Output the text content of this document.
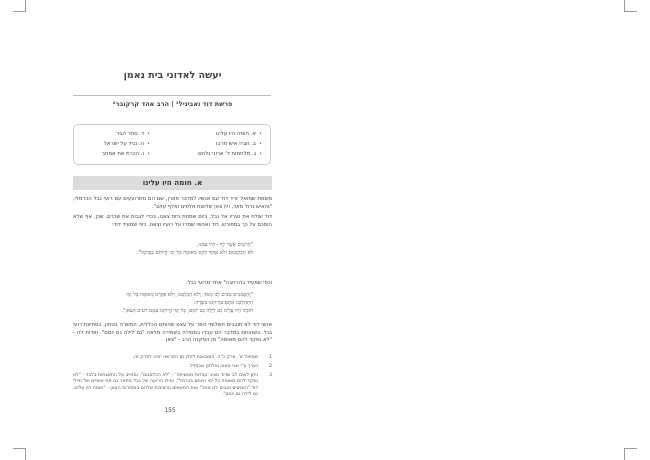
יעשה לאדוני בית נאמן
פרשת דוד ואביגיל¹ | הרב אהד קרקובר²
•
א. חומה היו עלינו
•
ב. חגרו איש חרבו
•
ג. מלחמות ד' ארוני נלחם
•
ד. סתר הבר
•
ה. נגיד על ישראל
•
ו. הכרת את אמתך
א. חומה היו עלינו
משמת שמואל יורד דוד עם אנשיו למדבר פארן, שם הם מתרועעים עם רועי נבל הכרמלי, "והאיש גדול מאד, ולו צאן שלושת אלפים ואלף עזים".
דוד שולח את נעריו אל נבל, ביום שמחת גיזת צאנו, בכדי לגבות את שכרם, שכן, אף שלא הוסכם על כך במפורש, דוד ואנשיו שמרו על רועיו וצאנו, כפי שמעיד דוד:
"הָרֹעִים אֲשֶׁר לְךָ - הָיוּ עִמָּנוּ,
לֹא הֶכְלַמְנוּם וְלֹא נִפְקַד לָהֶם מְאוּמָה כָּל יְמֵי הֱיוֹתָם בַּכַּרְמֶל".
וכפי שמעיד בהרחבה³ אחד מרועי נבל:
"וְהָאֲנָשִׁים טֹבִים לָנוּ מְאֹד, וְלֹא הָכְלַמְנוּ, וְלֹא פָקַדְנוּ מְאוּמָה כָּל יְמֵי
הִתְהַלַּכְנוּ אִתָּם בִּהְיוֹתֵנוּ בַּשָּׂדֶה.
חוֹמָה הָיוּ עָלֵינוּ גַּם לַיְלָה גַּם יוֹמָם, כָּל יְמֵי הֱיוֹתֵנוּ עִמָּם רֹעִים הַצֹּאן".
אנשי דוד לא חובבים תשלומי כופר על עצם שהותם הכללית, המשרה בטחון, בסחיצת רועי נבל. בשהותם במדבר הם עבדו במסירה בשמירה מלאה "גם לילה גם יומם". תודות לה - "לא נפקד להם מאומה" מן המקנה הרב - "צאן
1
שמואל א', פרק כ"ה. המובאות להלן מן הפרשה יזוהו לפרק זה.
2
נערך ע"י אבי טאוב ואלחנן אבוחיל.
3
ניתן לשים לב שדוד מציג 'עבדות מטשיחה' - "לא הכלמנום", ומחייב על התשגחות בלבד - "לא נפקד להם מאומה כל ימי היותם בכרמל", ואילו הרועה של נבל מתאר גם את אופיים של חיילי דוד "האנשים טובים לנו מאד" ואת המעשים והיציבות שלהם במסירות הצאן - "חומה היו עלינו, גם לילה גם יומם".
155
